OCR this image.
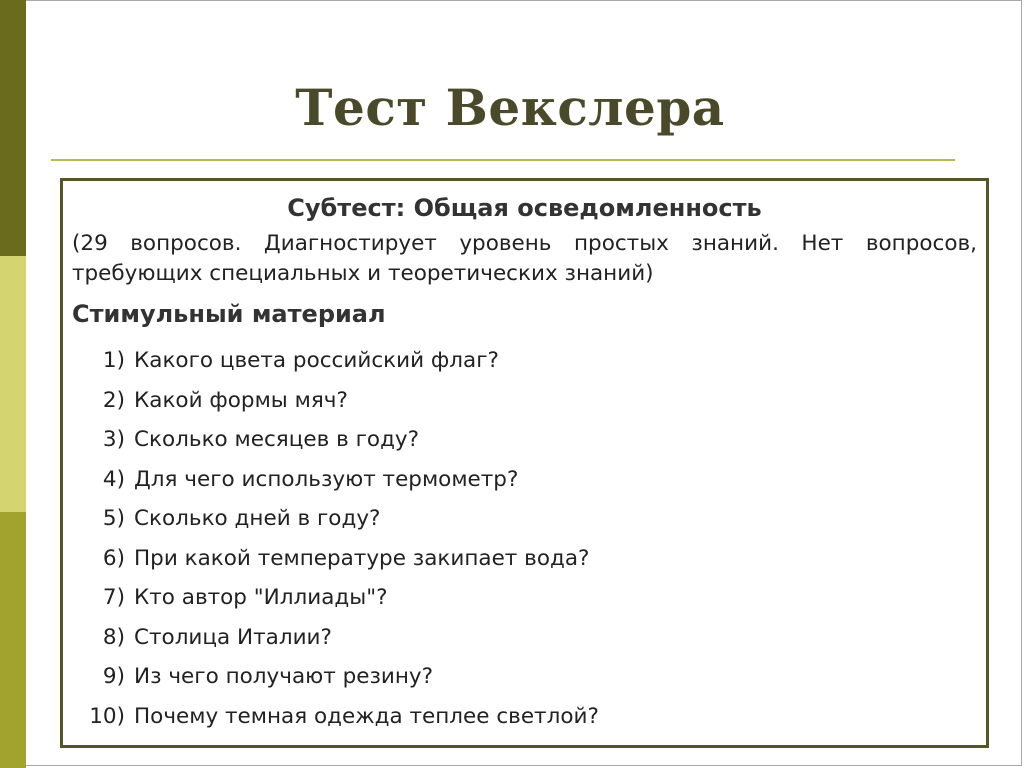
Тест Векслера
Субтест: Общая осведомленность
(29 вопросов. Диагностирует уровень простых знаний. Нет вопросов, требующих специальных и теоретических знаний)
Стимульный материал
1) Какого цвета российский флаг?
2) Какой формы мяч?
3) Сколько месяцев в году?
4) Для чего используют термометр?
5) Сколько дней в году?
6) При какой температуре закипает вода?
7) Кто автор "Иллиады"?
8) Столица Италии?
9) Из чего получают резину?
10) Почему темная одежда теплее светлой?
